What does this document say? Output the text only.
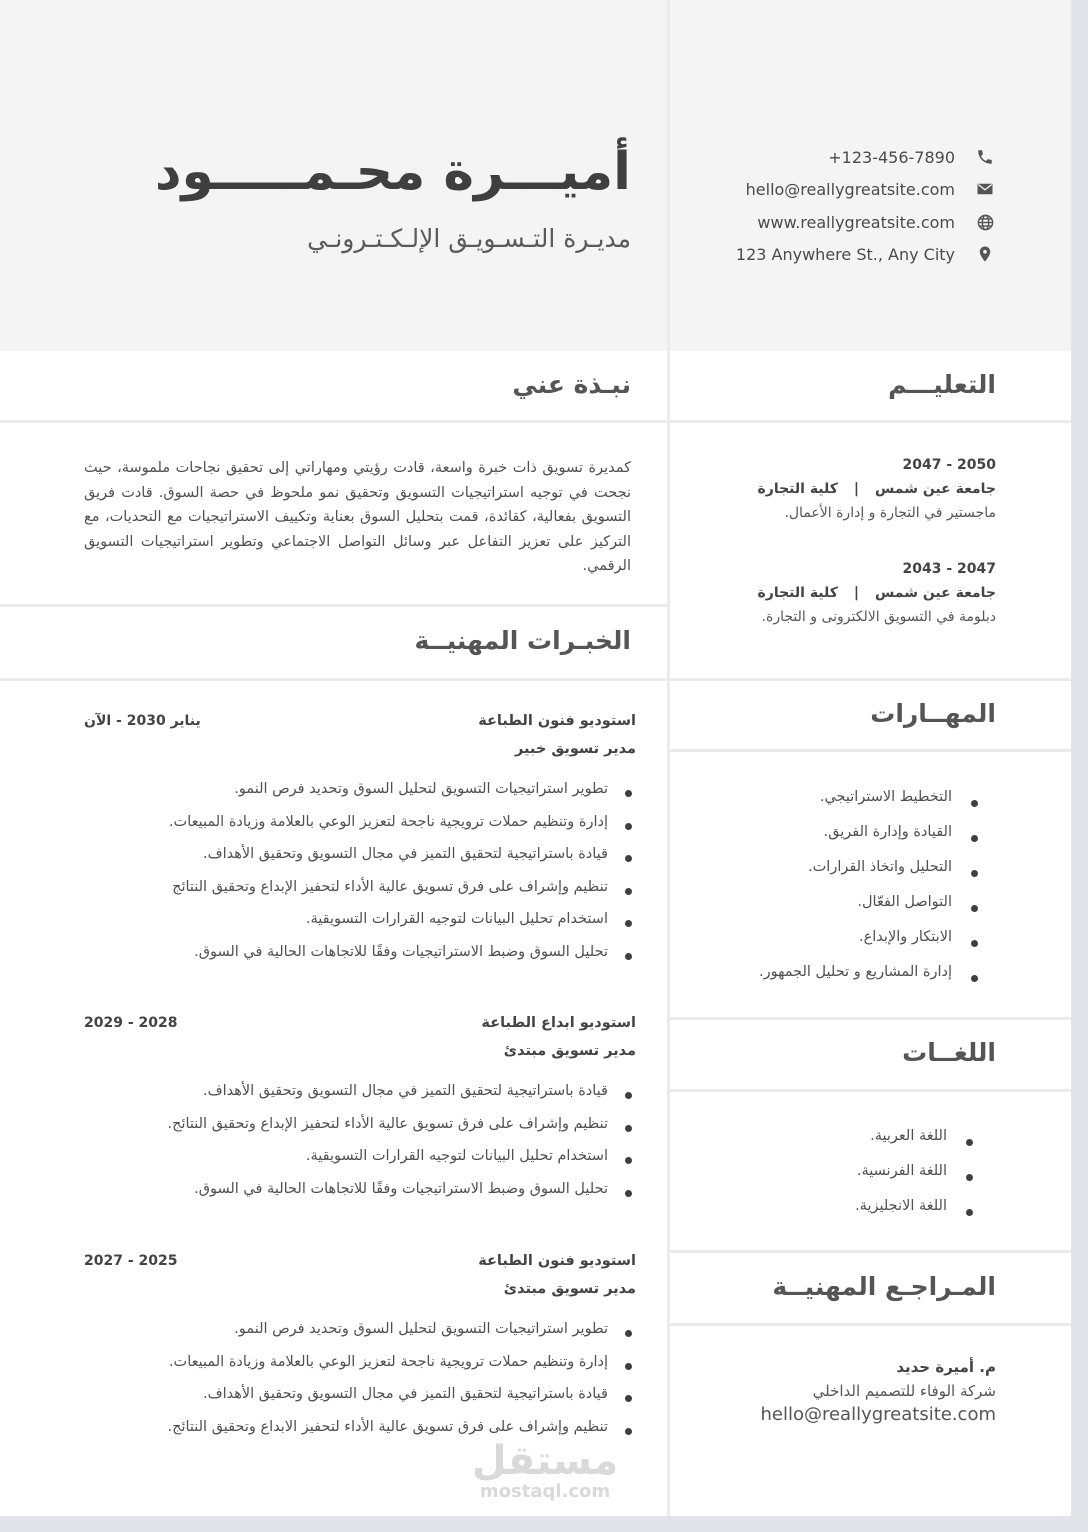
أميـــرة محـمـــــود
مديـرة التـسـويـق الإلـكـتـرونـي
+123-456-7890
hello@reallygreatsite.com
www.reallygreatsite.com
123 Anywhere St., Any City
نبـذة عني

كمديرة تسويق ذات خبرة واسعة، قادت رؤيتي ومهاراتي إلى تحقيق نجاحات ملموسة، حيث نجحت في توجيه استراتيجيات التسويق وتحقيق نمو ملحوظ في حصة السوق. قادت فريق التسويق بفعالية، كقائدة، قمت بتحليل السوق بعناية وتكييف الاستراتيجيات مع التحديات، مع التركيز على تعزيز التفاعل عبر وسائل التواصل الاجتماعي وتطوير استراتيجيات التسويق الرقمي.

الخبـرات المهنيــة
استوديو فنون الطباعة
يناير 2030 - الآن
مدير تسويق خبير
تطوير استراتيجيات التسويق لتحليل السوق وتحديد فرص النمو.
إدارة وتنظيم حملات ترويجية ناجحة لتعزيز الوعي بالعلامة وزيادة المبيعات.
قيادة باستراتيجية لتحقيق التميز في مجال التسويق وتحقيق الأهداف.
تنظيم وإشراف على فرق تسويق عالية الأداء لتحفيز الإبداع وتحقيق النتائج
استخدام تحليل البيانات لتوجيه القرارات التسويقية.
تحليل السوق وضبط الاستراتيجيات وفقًا للاتجاهات الحالية في السوق.
استوديو ابداع الطباعة
2028 - 2029
مدير تسويق مبتدئ
قيادة باستراتيجية لتحقيق التميز في مجال التسويق وتحقيق الأهداف.
تنظيم وإشراف على فرق تسويق عالية الأداء لتحفيز الإبداع وتحقيق النتائج.
استخدام تحليل البيانات لتوجيه القرارات التسويقية.
تحليل السوق وضبط الاستراتيجيات وفقًا للاتجاهات الحالية في السوق.
استوديو فنون الطباعة
2025 - 2027
مدير تسويق مبتدئ
تطوير استراتيجيات التسويق لتحليل السوق وتحديد فرص النمو.
إدارة وتنظيم حملات ترويجية ناجحة لتعزيز الوعي بالعلامة وزيادة المبيعات.
قيادة باستراتيجية لتحقيق التميز في مجال التسويق وتحقيق الأهداف.
تنظيم وإشراف على فرق تسويق عالية الأداء لتحفيز الابداع وتحقيق النتائج.
التعليـــم
2047 - 2050
جامعة عين شمس|كلية التجارة
ماجستير في التجارة و إدارة الأعمال.
2043 - 2047
جامعة عين شمس|كلية التجارة
دبلومة في التسويق الالكترونى و التجارة.
المهــارات
التخطيط الاستراتيجي.
القيادة وإدارة الفريق.
التحليل واتخاذ القرارات.
التواصل الفعّال.
الابتكار والإبداع.
إدارة المشاريع و تحليل الجمهور.
اللغــات
اللغة العربية.
اللغة الفرنسية.
اللغة الانجليزية.
المـراجـع المهنيــة
م. أميرة حديد
شركة الوفاء للتصميم الداخلي
hello@reallygreatsite.com
مستقل
mostaql.com
